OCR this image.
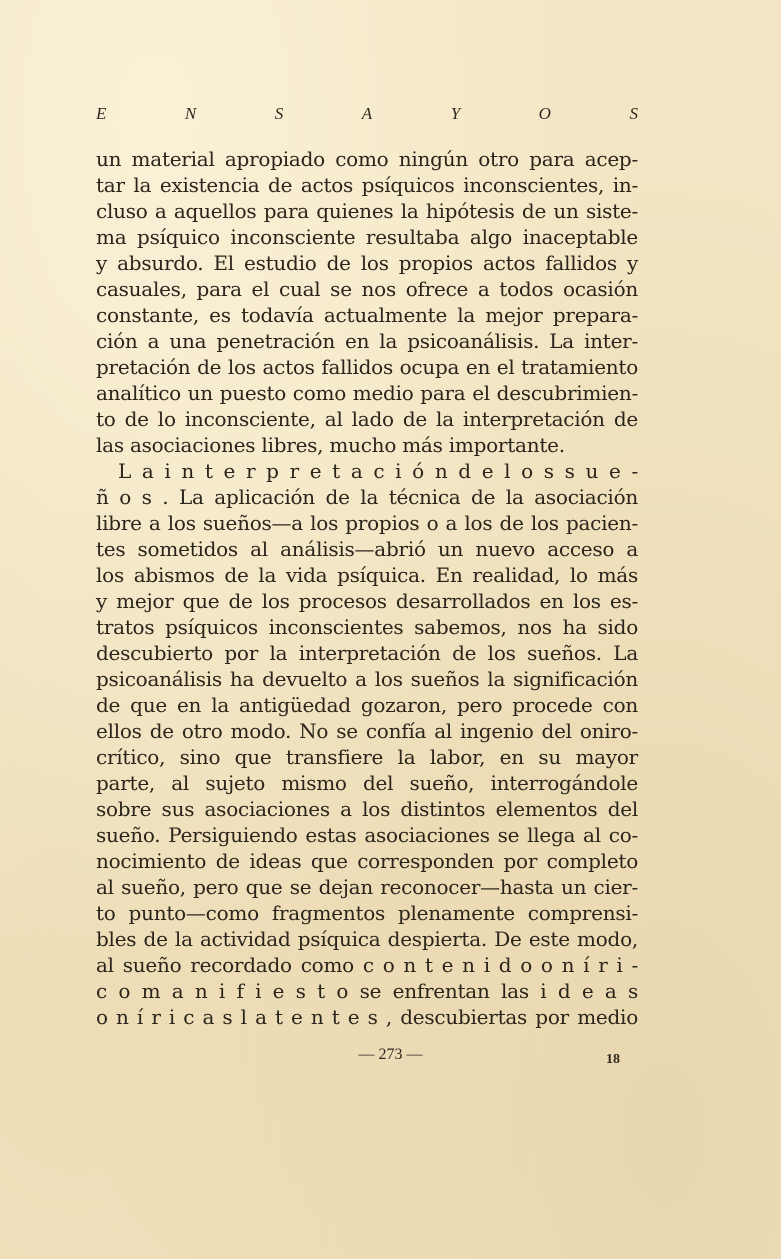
E	N	S	A	Y	O	S
un material apropiado como ningún otro para acep-
tar la existencia de actos psíquicos inconscientes, in-
cluso a aquellos para quienes la hipótesis de un siste-
ma psíquico inconsciente resultaba algo inaceptable
y absurdo. El estudio de los propios actos fallidos y
casuales, para el cual se nos ofrece a todos ocasión
constante, es todavía actualmente la mejor prepara-
ción a una penetración en la psicoanálisis. La inter-
pretación de los actos fallidos ocupa en el tratamiento
analítico un puesto como medio para el descubrimien-
to de lo inconsciente, al lado de la interpretación de
las asociaciones libres, mucho más importante.
L a i n t e r p r e t a c i ó n d e l o s s u e -
ñ o s . La aplicación de la técnica de la asociación
libre a los sueños—a los propios o a los de los pacien-
tes sometidos al análisis—abrió un nuevo acceso a
los abismos de la vida psíquica. En realidad, lo más
y mejor que de los procesos desarrollados en los es-
tratos psíquicos inconscientes sabemos, nos ha sido
descubierto por la interpretación de los sueños. La
psicoanálisis ha devuelto a los sueños la significación
de que en la antigüedad gozaron, pero procede con
ellos de otro modo. No se confía al ingenio del oniro-
crítico, sino que transfiere la labor, en su mayor
parte, al sujeto mismo del sueño, interrogándole
sobre sus asociaciones a los distintos elementos del
sueño. Persiguiendo estas asociaciones se llega al co-
nocimiento de ideas que corresponden por completo
al sueño, pero que se dejan reconocer—hasta un cier-
to punto—como fragmentos plenamente comprensi-
bles de la actividad psíquica despierta. De este modo,
al sueño recordado como c o n t e n i d o o n í r i -
c o m a n i f i e s t o se enfrentan las i d e a s
o n í r i c a s l a t e n t e s , descubiertas por medio
— 273 —	18
